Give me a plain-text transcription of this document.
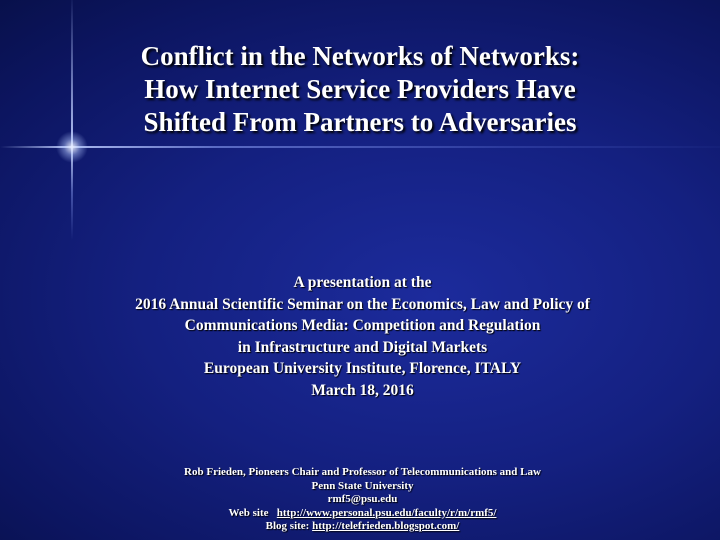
Conflict in the Networks of Networks:
How Internet Service Providers Have
Shifted From Partners to Adversaries
A presentation at the
2016 Annual Scientific Seminar on the Economics, Law and Policy of
Communications Media: Competition and Regulation
in Infrastructure and Digital Markets
European University Institute, Florence, ITALY
March 18, 2016
Rob Frieden, Pioneers Chair and Professor of Telecommunications and Law
Penn State University
rmf5@psu.edu
Web site http://www.personal.psu.edu/faculty/r/m/rmf5/
Blog site: http://telefrieden.blogspot.com/
